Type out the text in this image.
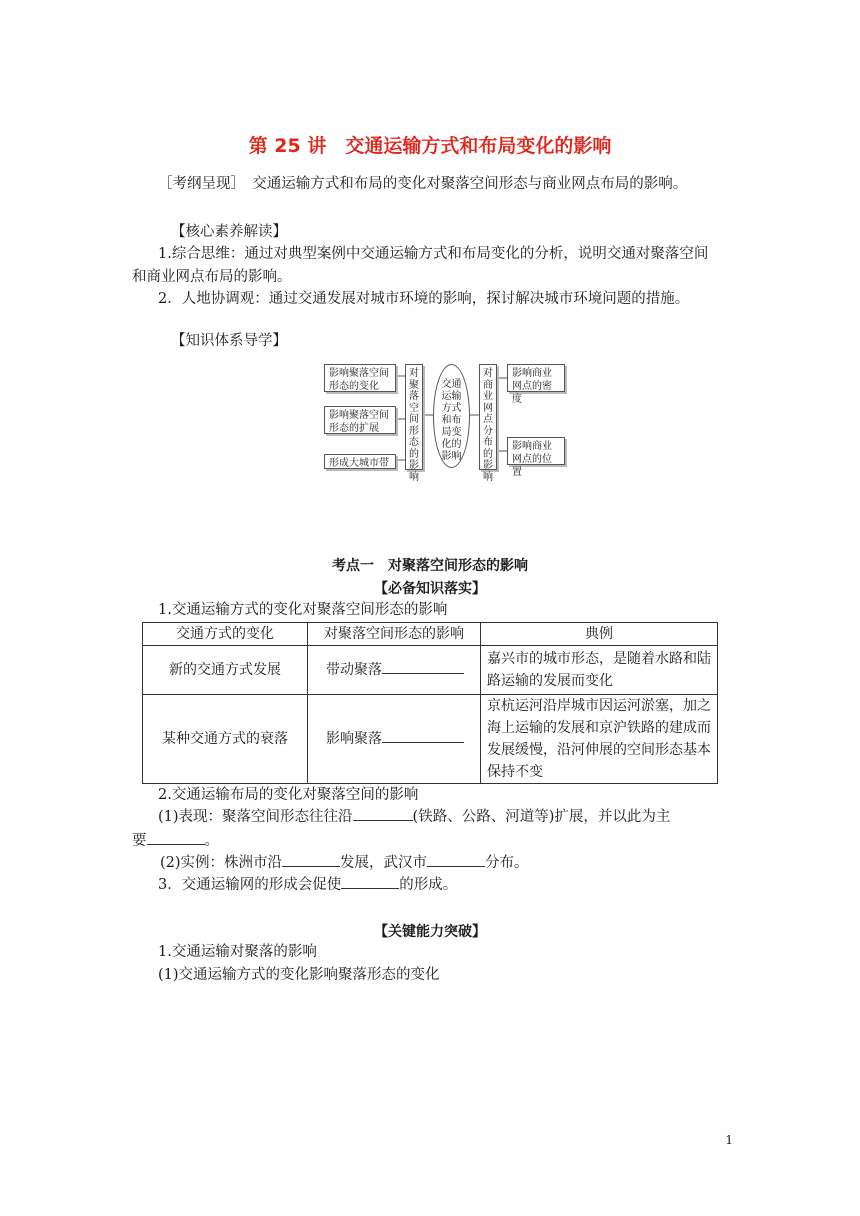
第 25 讲　交通运输方式和布局变化的影响
［考纲呈现］　交通运输方式和布局的变化对聚落空间形态与商业网点布局的影响。
【核心素养解读】
1.综合思维：通过对典型案例中交通运输方式和布局变化的分析，说明交通对聚落空间
和商业网点布局的影响。
2．人地协调观：通过交通发展对城市环境的影响，探讨解决城市环境问题的措施。
【知识体系导学】
影响聚落空间形态的变化
影响聚落空间形态的扩展
形成大城市带
对聚落空间形态的影响
交通运输方式和布局变化的影响
对商业网点分布的影响
影响商业网点的密度
影响商业网点的位置
考点一　对聚落空间形态的影响
【必备知识落实】
1.交通运输方式的变化对聚落空间形态的影响
交通方式的变化	对聚落空间形态的影响	典例
新的交通方式发展	带动聚落	嘉兴市的城市形态，是随着水路和陆路运输的发展而变化
某种交通方式的衰落	影响聚落	京杭运河沿岸城市因运河淤塞，加之海上运输的发展和京沪铁路的建成而发展缓慢，沿河伸展的空间形态基本保持不变
2.交通运输布局的变化对聚落空间的影响
(1)表现：聚落空间形态往往沿	(铁路、公路、河道等)扩展，并以此为主
要	。
(2)实例：株洲市沿	发展，武汉市	分布。
3．交通运输网的形成会促使	的形成。
【关键能力突破】
1.交通运输对聚落的影响
(1)交通运输方式的变化影响聚落形态的变化
1
